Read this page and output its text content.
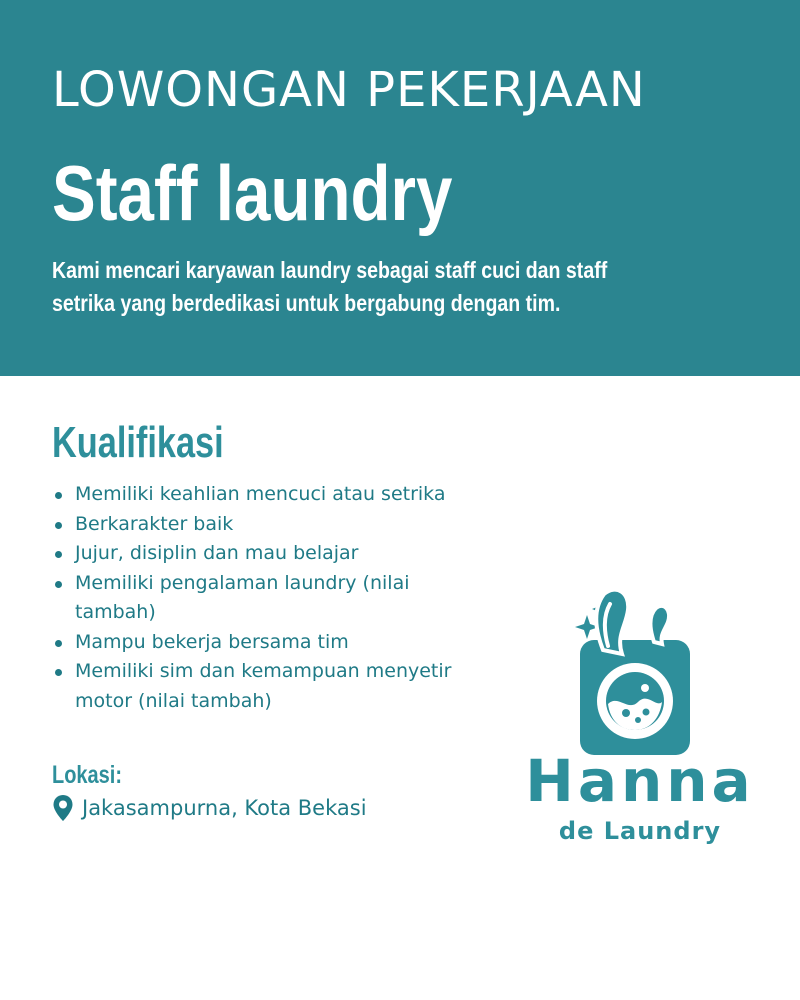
LOWONGAN PEKERJAAN
Staff laundry
Kami mencari karyawan laundry sebagai staff cuci dan staff setrika yang berdedikasi untuk bergabung dengan tim.
Kualifikasi
Memiliki keahlian mencuci atau setrika
Berkarakter baik
Jujur, disiplin dan mau belajar
Memiliki pengalaman laundry (nilai tambah)
Mampu bekerja bersama tim
Memiliki sim dan kemampuan menyetir motor (nilai tambah)
Lokasi:
Jakasampurna, Kota Bekasi	Hanna
de Laundry
